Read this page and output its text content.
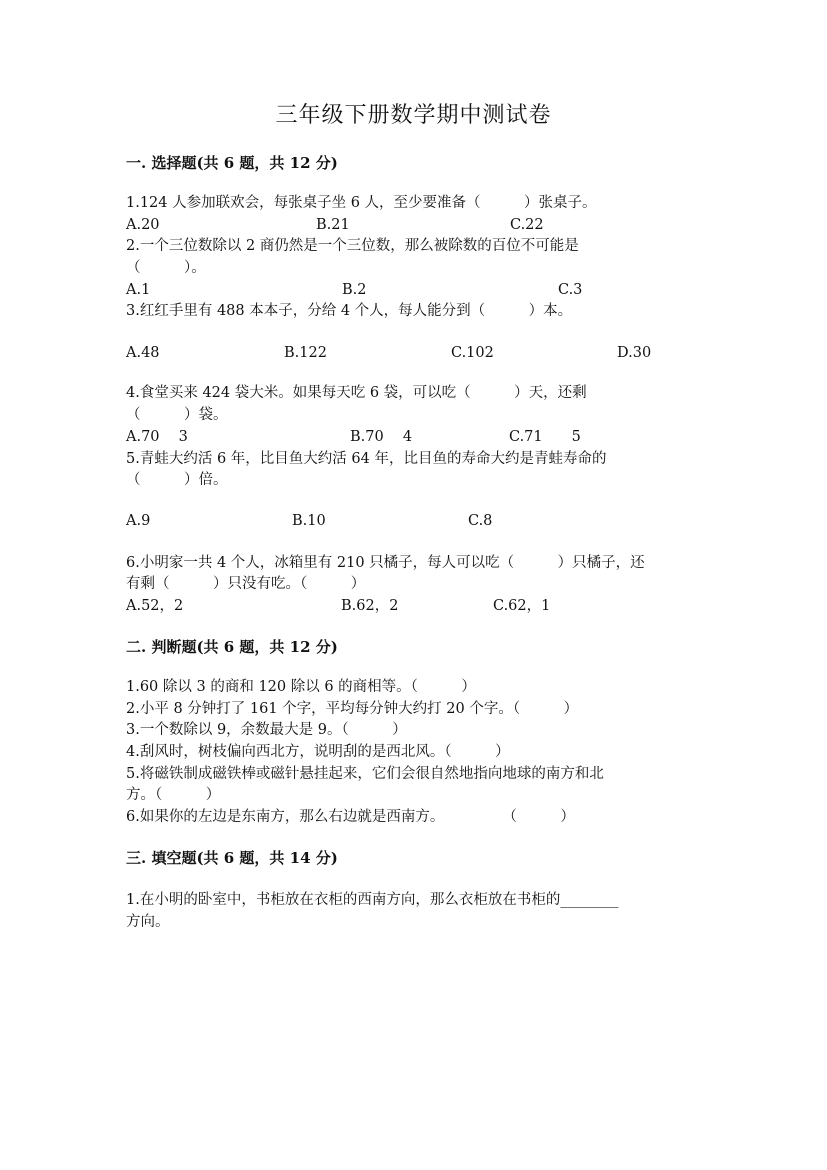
三年级下册数学期中测试卷
一. 选择题(共 6 题，共 12 分)
1.124 人参加联欢会，每张桌子坐 6 人，至少要准备（　　　）张桌子。
A.20	B.21	C.22
2.一个三位数除以 2 商仍然是一个三位数，那么被除数的百位不可能是
（　　　）。
A.1	B.2	C.3
3.红红手里有 488 本本子，分给 4 个人，每人能分到（　　　）本。
A.48	B.122	C.102	D.30
4.食堂买来 424 袋大米。如果每天吃 6 袋，可以吃（　　　）天，还剩
（　　　）袋。
A.70　 3	B.70　 4	C.71　　5
5.青蛙大约活 6 年，比目鱼大约活 64 年，比目鱼的寿命大约是青蛙寿命的
（　　　）倍。
A.9	B.10	C.8
6.小明家一共 4 个人，冰箱里有 210 只橘子，每人可以吃（　　　）只橘子，还
有剩（　　　）只没有吃。（　　　）
A.52，2	B.62，2	C.62，1
二. 判断题(共 6 题，共 12 分)
1.60 除以 3 的商和 120 除以 6 的商相等。（　　　）
2.小平 8 分钟打了 161 个字，平均每分钟大约打 20 个字。（　　　）
3.一个数除以 9，余数最大是 9。（　　　）
4.刮风时，树枝偏向西北方，说明刮的是西北风。（　　　）
5.将磁铁制成磁铁棒或磁针悬挂起来，它们会很自然地指向地球的南方和北
方。（　　　）
6.如果你的左边是东南方，那么右边就是西南方。　　　　　（　　　）
三. 填空题(共 6 题，共 14 分)
1.在小明的卧室中，书柜放在衣柜的西南方向，那么衣柜放在书柜的________
方向。
